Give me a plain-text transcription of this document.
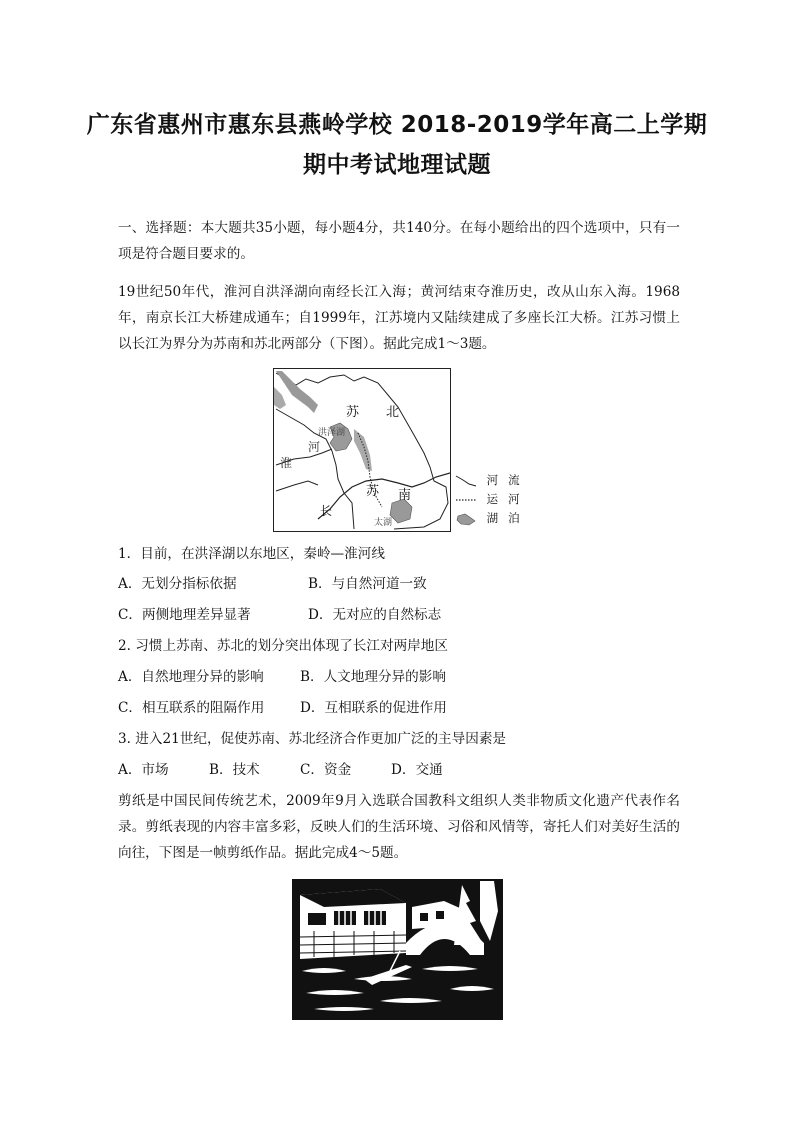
广东省惠州市惠东县燕岭学校 2018-2019学年高二上学期
期中考试地理试题
一、选择题：本大题共35小题，每小题4分，共140分。在每小题给出的四个选项中，只有一项是符合题目要求的。
19世纪50年代，淮河自洪泽湖向南经长江入海；黄河结束夺淮历史，改从山东入海。1968年，南京长江大桥建成通车；自1999年，江苏境内又陆续建成了多座长江大桥。江苏习惯上以长江为界分为苏南和苏北两部分（下图）。据此完成1～3题。
苏 北
洪泽湖
河
淮
长
苏 南
太湖
河流
运河
湖泊
1．目前，在洪泽湖以东地区，秦岭—淮河线
A．无划分指标依据	B．与自然河道一致
C．两侧地理差异显著	D．无对应的自然标志
2. 习惯上苏南、苏北的划分突出体现了长江对两岸地区
A．自然地理分异的影响	B．人文地理分异的影响
C．相互联系的阻隔作用	D．互相联系的促进作用
3. 进入21世纪，促使苏南、苏北经济合作更加广泛的主导因素是
A．市场	B．技术	C．资金	D．交通
剪纸是中国民间传统艺术，2009年9月入选联合国教科文组织人类非物质文化遗产代表作名录。剪纸表现的内容丰富多彩，反映人们的生活环境、习俗和风情等，寄托人们对美好生活的向往，下图是一帧剪纸作品。据此完成4～5题。
